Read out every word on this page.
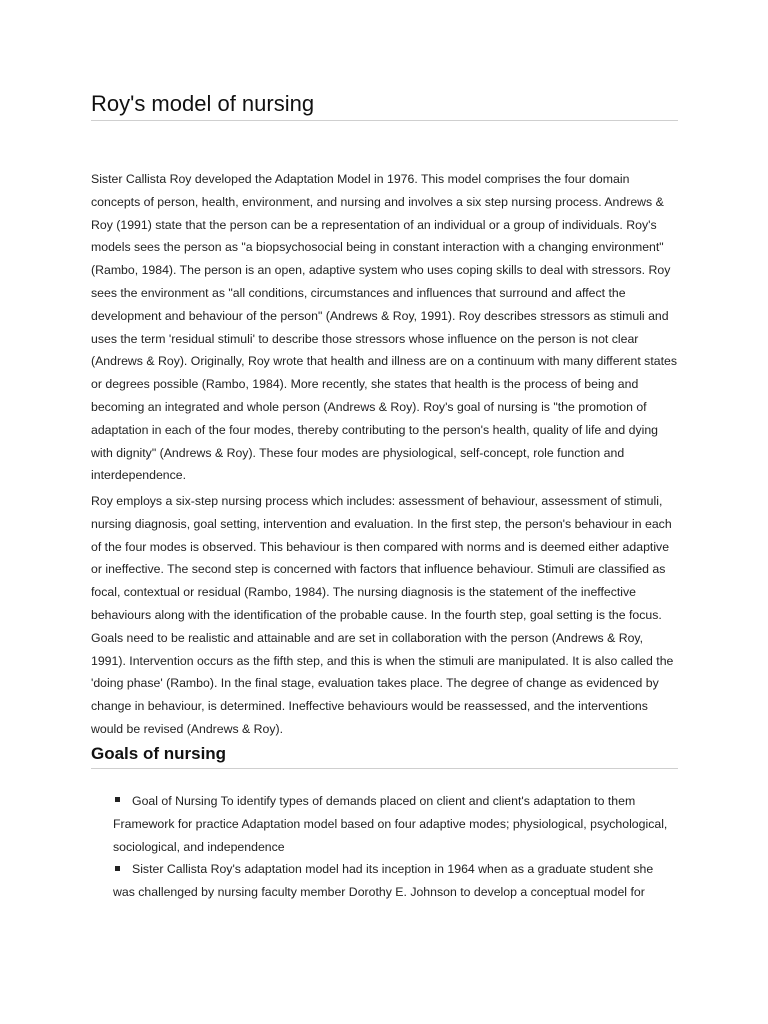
Roy's model of nursing

Sister Callista Roy developed the Adaptation Model in 1976. This model comprises the four domain concepts of person, health, environment, and nursing and involves a six step nursing process. Andrews & Roy (1991) state that the person can be a representation of an individual or a group of individuals. Roy's models sees the person as "a biopsychosocial being in constant interaction with a changing environment" (Rambo, 1984). The person is an open, adaptive system who uses coping skills to deal with stressors. Roy sees the environment as "all conditions, circumstances and influences that surround and affect the development and behaviour of the person" (Andrews & Roy, 1991). Roy describes stressors as stimuli and uses the term 'residual stimuli' to describe those stressors whose influence on the person is not clear (Andrews & Roy). Originally, Roy wrote that health and illness are on a continuum with many different states or degrees possible (Rambo, 1984). More recently, she states that health is the process of being and becoming an integrated and whole person (Andrews & Roy). Roy's goal of nursing is "the promotion of adaptation in each of the four modes, thereby contributing to the person's health, quality of life and dying with dignity" (Andrews & Roy). These four modes are physiological, self-concept, role function and interdependence.

Roy employs a six-step nursing process which includes: assessment of behaviour, assessment of stimuli, nursing diagnosis, goal setting, intervention and evaluation. In the first step, the person's behaviour in each of the four modes is observed. This behaviour is then compared with norms and is deemed either adaptive or ineffective. The second step is concerned with factors that influence behaviour. Stimuli are classified as focal, contextual or residual (Rambo, 1984). The nursing diagnosis is the statement of the ineffective behaviours along with the identification of the probable cause. In the fourth step, goal setting is the focus. Goals need to be realistic and attainable and are set in collaboration with the person (Andrews & Roy, 1991). Intervention occurs as the fifth step, and this is when the stimuli are manipulated. It is also called the 'doing phase' (Rambo). In the final stage, evaluation takes place. The degree of change as evidenced by change in behaviour, is determined. Ineffective behaviours would be reassessed, and the interventions would be revised (Andrews & Roy).

Goals of nursing
Goal of Nursing To identify types of demands placed on client and client's adaptation to them Framework for practice Adaptation model based on four adaptive modes; physiological, psychological, sociological, and independence
Sister Callista Roy's adaptation model had its inception in 1964 when as a graduate student she was challenged by nursing faculty member Dorothy E. Johnson to develop a conceptual model for
